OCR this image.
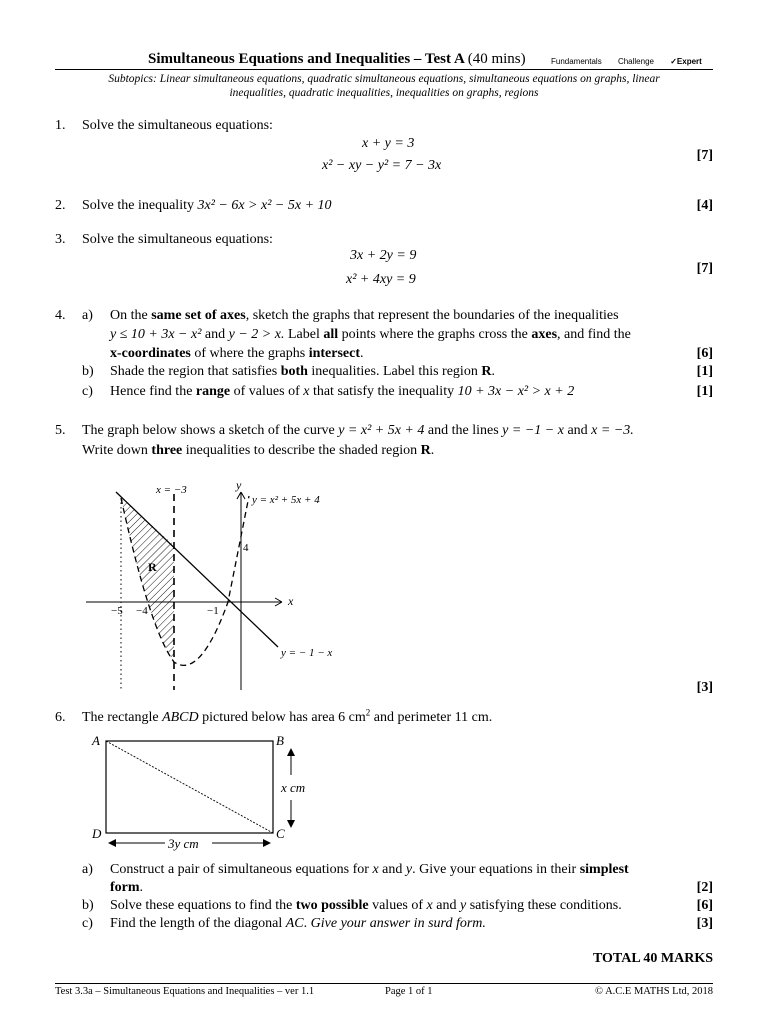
Simultaneous Equations and Inequalities – Test A (40 mins)	Fundamentals Challenge ✓Expert
Subtopics: Linear simultaneous equations, quadratic simultaneous equations, simultaneous equations on graphs, linear
inequalities, quadratic inequalities, inequalities on graphs, regions
1. Solve the simultaneous equations:
x + y = 3
x² − xy − y² = 7 − 3x
[7]
2. Solve the inequality 3x² − 6x > x² − 5x + 10	[4]
3. Solve the simultaneous equations:
3x + 2y = 9
x² + 4xy = 9
[7]
4. a) On the same set of axes, sketch the graphs that represent the boundaries of the inequalities
y ≤ 10 + 3x − x² and y − 2 > x. Label all points where the graphs cross the axes, and find the
x-coordinates of where the graphs intersect.	[6]
b) Shade the region that satisfies both inequalities. Label this region R.	[1]
c) Hence find the range of values of x that satisfy the inequality 10 + 3x − x² > x + 2	[1]
5. The graph below shows a sketch of the curve y = x² + 5x + 4 and the lines y = −1 − x and x = −3.
Write down three inequalities to describe the shaded region R.
x = −3	y
x
y = x² + 5x + 4
y = − 1 − x
4
−5 −4	−1
R
[3]
6. The rectangle ABCD pictured below has area 6 $cm^2$ and perimeter 11 cm.
A	B
C
D
x cm
3y cm
a) Construct a pair of simultaneous equations for x and y. Give your equations in their simplest
form.	[2]
b) Solve these equations to find the two possible values of x and y satisfying these conditions.	[6]
c) Find the length of the diagonal AC. Give your answer in surd form.	[3]
TOTAL 40 MARKS
Test 3.3a – Simultaneous Equations and Inequalities – ver 1.1	Page 1 of 1	© A.C.E MATHS Ltd, 2018
